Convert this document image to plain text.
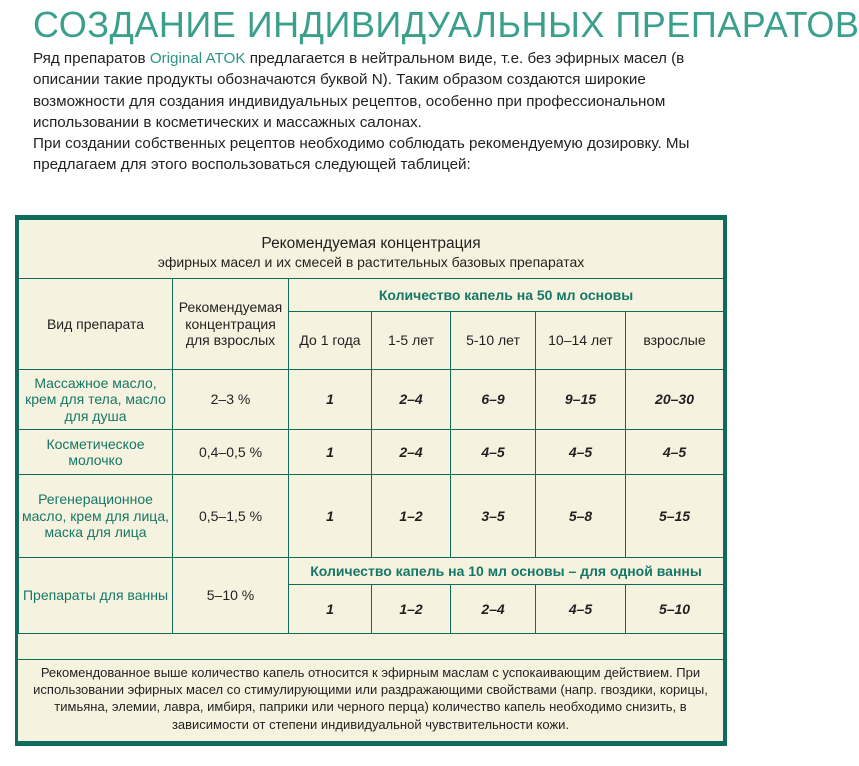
СОЗДАНИЕ ИНДИВИДУАЛЬНЫХ ПРЕПАРАТОВ

Ряд препаратов Original ATOK предлагается в нейтральном виде, т.е. без эфирных масел (в описании такие продукты обозначаются буквой N). Таким образом создаются широкие возможности для создания индивидуальных рецептов, особенно при профессиональном использовании в косметических и массажных салонах.

При создании собственных рецептов необходимо соблюдать рекомендуемую дозировку. Мы предлагаем для этого воспользоваться следующей таблицей:

Рекомендуемая концентрация
эфирных масел и их смесей в растительных базовых препаратах						

Вид препарата	Рекомендуемая концентрация для взрослых	Количество капель на 50 мл основы				
		До 1 года	1-5 лет	5-10 лет	10–14 лет	взрослые
Массажное масло, крем для тела, масло для душа	2–3 %	1	2–4	6–9	9–15	20–30
Косметическое молочко	0,4–0,5 %	1	2–4	4–5	4–5	4–5
Регенерационное масло, крем для лица, маска для лица	0,5–1,5 %	1	1–2	3–5	5–8	5–15
Препараты для ванны	5–10 %	Количество капель на 10 мл основы – для одной ванны				
		1	1–2	2–4	4–5	5–10
Рекомендованное выше количество капель относится к эфирным маслам с успокаивающим действием. При использовании эфирных масел со стимулирующими или раздражающими свойствами (напр. гвоздики, корицы, тимьяна, элемии, лавра, имбиря, паприки или черного перца) количество капель необходимо снизить, в зависимости от степени индивидуальной чувствительности кожи.
